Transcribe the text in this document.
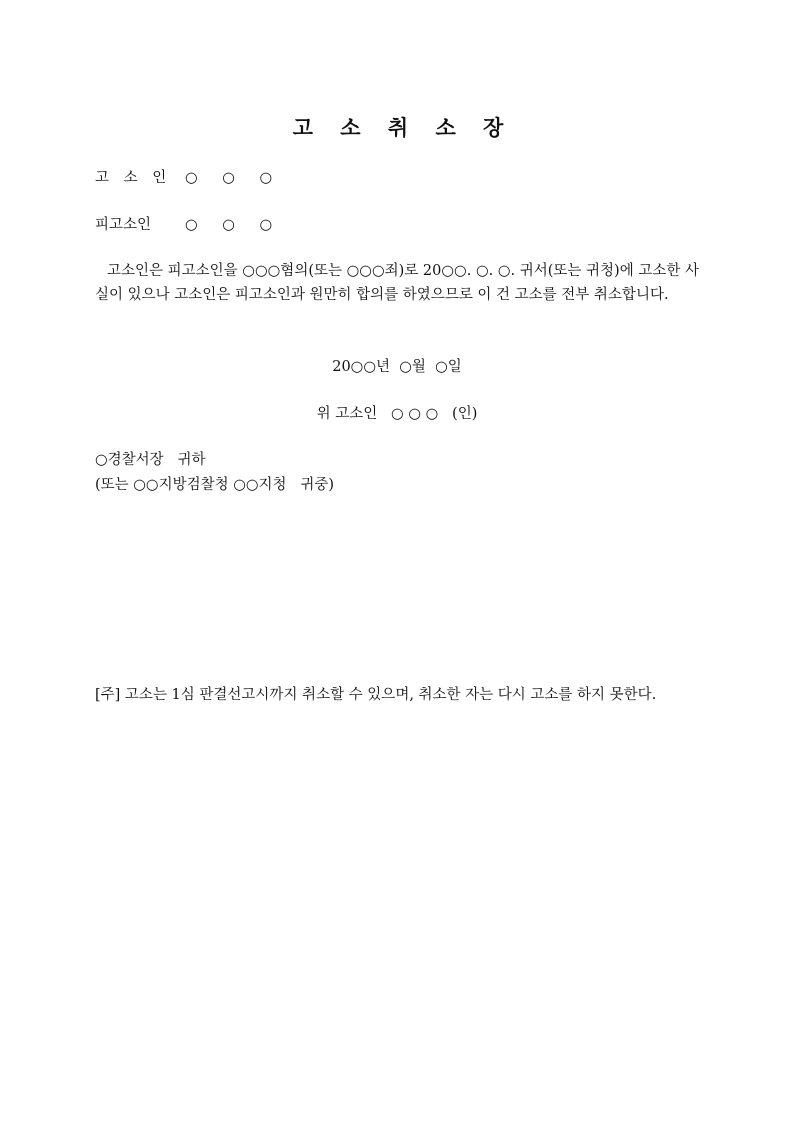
고 소 취 소 장
고 소 인 ○ ○ ○
피고소인 ○ ○ ○
고소인은 피고소인을 ○○○혐의(또는 ○○○죄)로 20○○. ○. ○. 귀서(또는 귀청)에 고소한 사실이 있으나 고소인은 피고소인과 원만히 합의를 하였으므로 이 건 고소를 전부 취소합니다.
20○○년  ○월  ○일
위 고소인   ○ ○ ○   (인)
○경찰서장   귀하
(또는 ○○지방검찰청 ○○지청   귀중)
[주] 고소는 1심 판결선고시까지 취소할 수 있으며, 취소한 자는 다시 고소를 하지 못한다.
